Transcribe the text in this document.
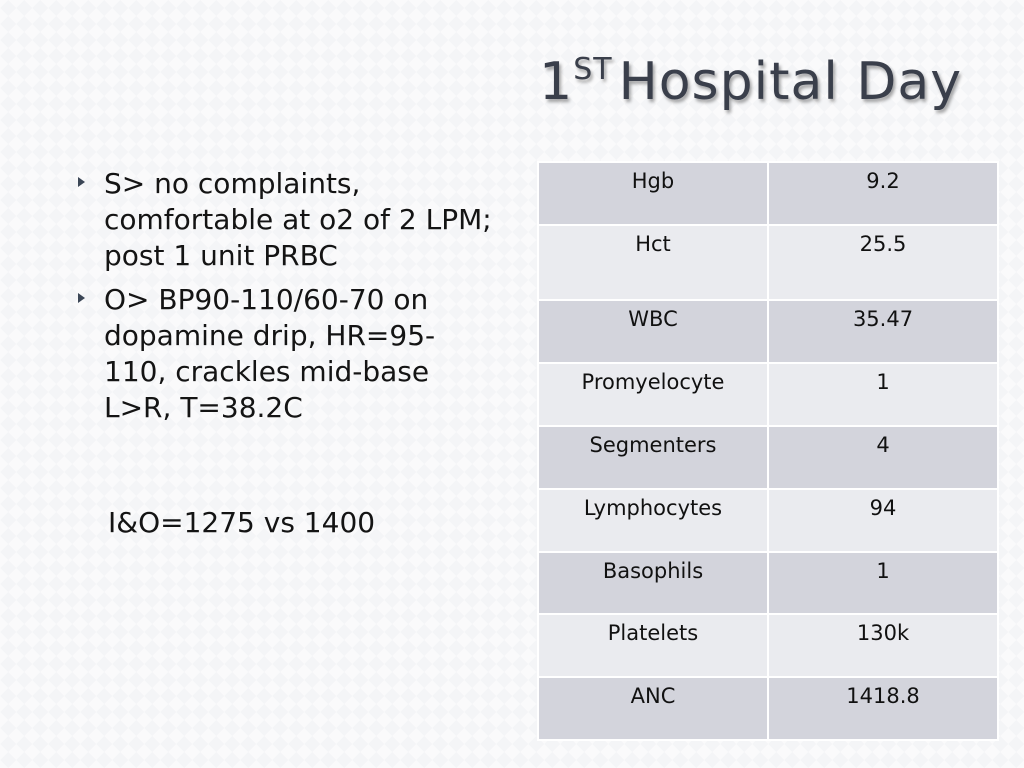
1ST Hospital Day
S> no complaints, comfortable at o2 of 2 LPM; post 1 unit PRBC
O> BP90-110/60-70 on dopamine drip, HR=95-110, crackles mid-base L>R, T=38.2C
I&O=1275 vs 1400
Hgb	9.2
Hct	25.5
WBC	35.47
Promyelocyte	1
Segmenters	4
Lymphocytes	94
Basophils	1
Platelets	130k
ANC	1418.8
